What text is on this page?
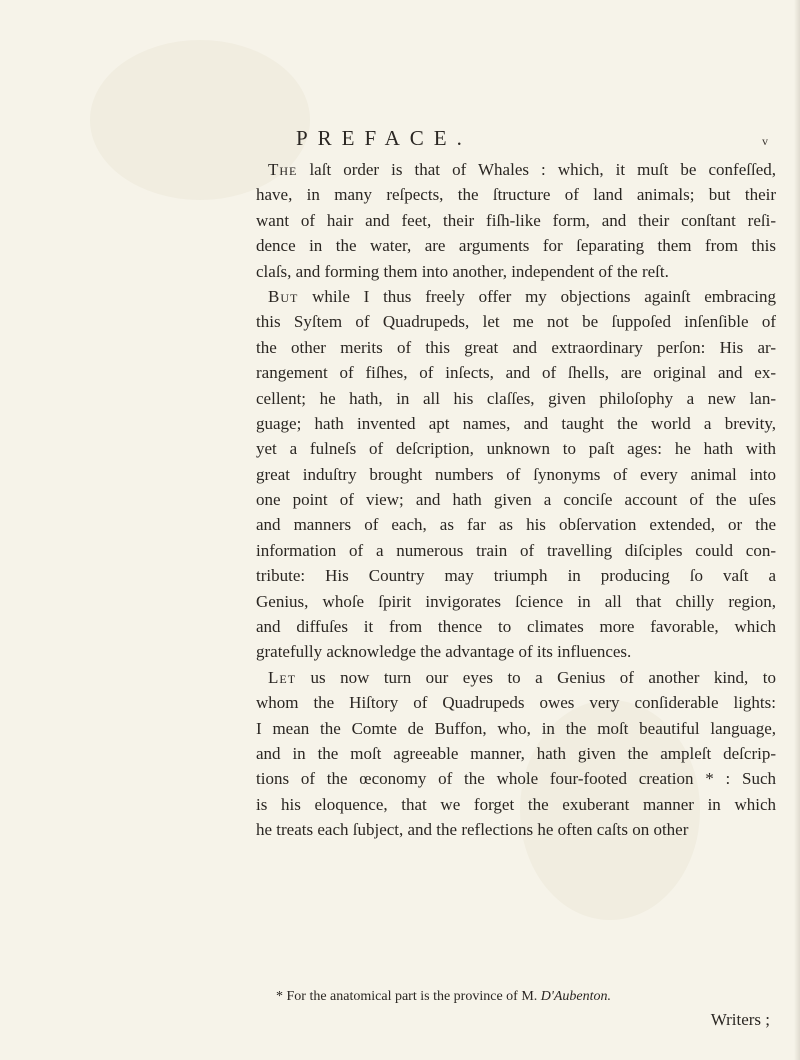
PREFACE.	v
The laſt order is that of Whales : which, it muſt be confeſſed,
have, in many reſpects, the ſtructure of land animals; but their
want of hair and feet, their fiſh-like form, and their conſtant reſi-
dence in the water, are arguments for ſeparating them from this
claſs, and forming them into another, independent of the reſt.
But while I thus freely offer my objections againſt embracing
this Syſtem of Quadrupeds, let me not be ſuppoſed inſenſible of
the other merits of this great and extraordinary perſon: His ar-
rangement of fiſhes, of inſects, and of ſhells, are original and ex-
cellent; he hath, in all his claſſes, given philoſophy a new lan-
guage; hath invented apt names, and taught the world a brevity,
yet a fulneſs of deſcription, unknown to paſt ages: he hath with
great induſtry brought numbers of ſynonyms of every animal into
one point of view; and hath given a conciſe account of the uſes
and manners of each, as far as his obſervation extended, or the
information of a numerous train of travelling diſciples could con-
tribute: His Country may triumph in producing ſo vaſt a
Genius, whoſe ſpirit invigorates ſcience in all that chilly region,
and diffuſes it from thence to climates more favorable, which
gratefully acknowledge the advantage of its influences.
Let us now turn our eyes to a Genius of another kind, to
whom the Hiſtory of Quadrupeds owes very conſiderable lights:
I mean the Comte de Buffon, who, in the moſt beautiful language,
and in the moſt agreeable manner, hath given the ampleſt deſcrip-
tions of the œconomy of the whole four-footed creation * : Such
is his eloquence, that we forget the exuberant manner in which
he treats each ſubject, and the reflections he often caſts on other
* For the anatomical part is the province of M. D'Aubenton.
Writers ;
